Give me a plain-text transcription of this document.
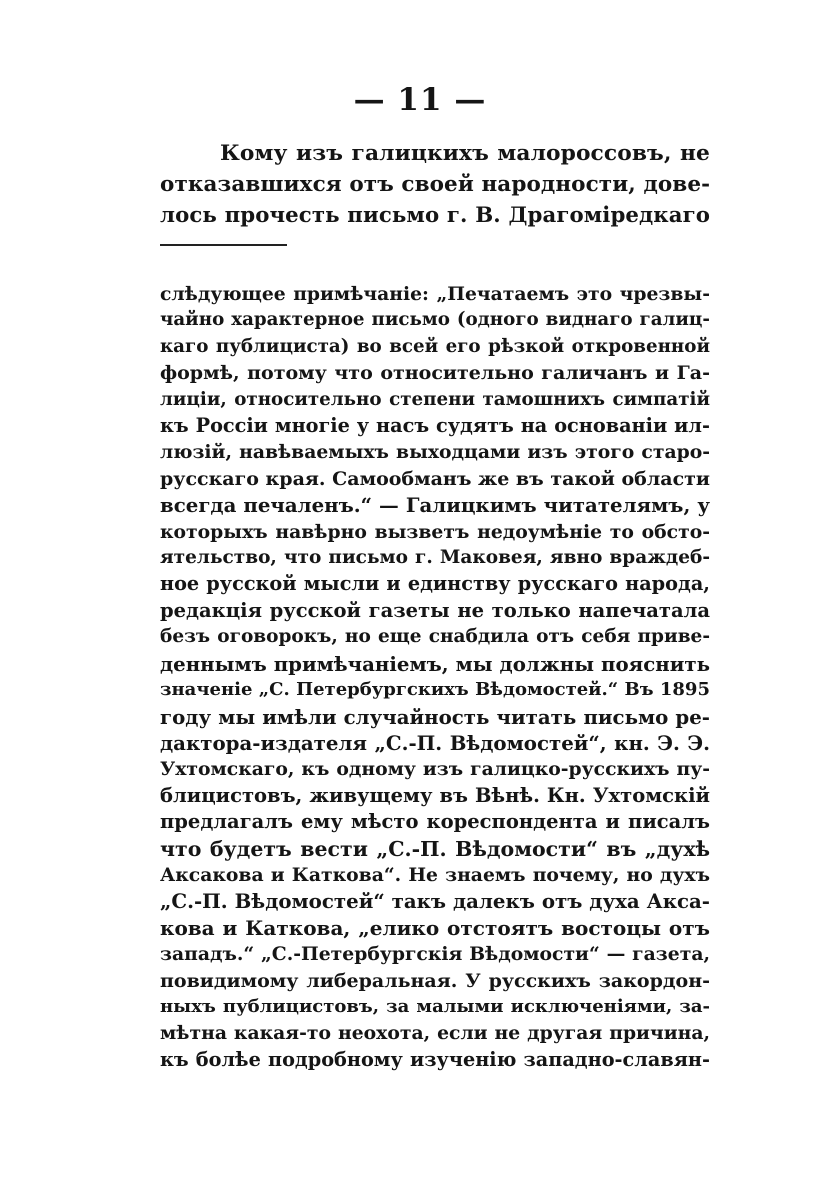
— 11 —
Кому изъ галицкихъ малороссовъ, не
отказавшихся отъ своей народности, дове-
лось прочесть письмо г. В. Драгоміредкаго
слѣдующее примѣчаніе: „Печатаемъ это чрезвы-
чайно характерное письмо (одного виднаго галиц-
каго публициста) во всей его рѣзкой откровенной
формѣ, потому что относительно галичанъ и Га-
лиціи, относительно степени тамошнихъ симпатій
къ Россіи многіе у насъ судятъ на основаніи ил-
люзій, навѣваемыхъ выходцами изъ этого старо-
русскаго края. Самообманъ же въ такой области
всегда печаленъ.“ — Галицкимъ читателямъ, у
которыхъ навѣрно вызветъ недоумѣніе то обсто-
ятельство, что письмо г. Маковея, явно враждеб-
ное русской мысли и единству русскаго народа,
редакція русской газеты не только напечатала
безъ оговорокъ, но еще снабдила отъ себя приве-
деннымъ примѣчаніемъ, мы должны пояснить
значеніе „С. Петербургскихъ Вѣдомостей.“ Въ 1895
году мы имѣли случайность читать письмо ре-
дактора-издателя „С.-П. Вѣдомостей“, кн. Э. Э.
Ухтомскаго, къ одному изъ галицко-русскихъ пу-
блицистовъ, живущему въ Вѣнѣ. Кн. Ухтомскій
предлагалъ ему мѣсто кореспондента и писалъ
что будетъ вести „С.-П. Вѣдомости“ въ „духѣ
Аксакова и Каткова“. Не знаемъ почему, но духъ
„С.-П. Вѣдомостей“ такъ далекъ отъ духа Акса-
кова и Каткова, „елико отстоятъ востоцы отъ
западъ.“ „С.-Петербургскія Вѣдомости“ — газета,
повидимому либеральная. У русскихъ закордон-
ныхъ публицистовъ, за малыми исключеніями, за-
мѣтна какая-то неохота, если не другая причина,
къ болѣе подробному изученію западно-славян-
